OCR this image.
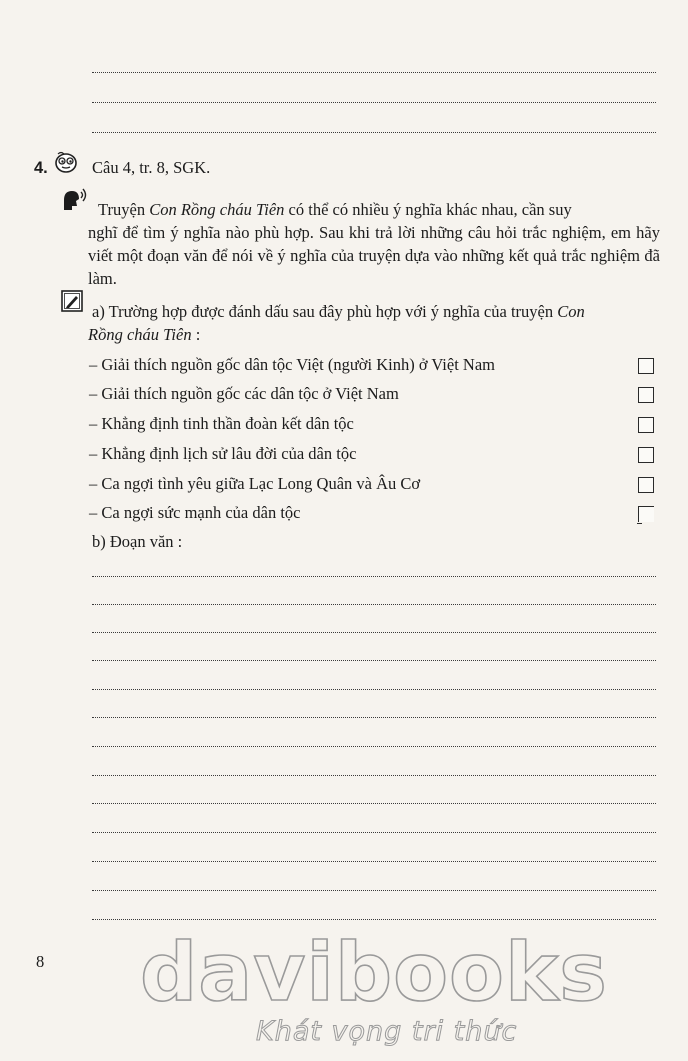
4.	Câu 4, tr. 8, SGK.
Truyện Con Rồng cháu Tiên có thể có nhiều ý nghĩa khác nhau, cần suy
nghĩ để tìm ý nghĩa nào phù hợp. Sau khi trả lời những câu hỏi trắc nghiệm, em hãy viết một đoạn văn để nói về ý nghĩa của truyện dựa vào những kết quả trắc nghiệm đã làm.
a) Trường hợp được đánh dấu sau đây phù hợp với ý nghĩa của truyện Con
Rồng cháu Tiên :
– Giải thích nguồn gốc dân tộc Việt (người Kinh) ở Việt Nam
– Giải thích nguồn gốc các dân tộc ở Việt Nam
– Khẳng định tinh thần đoàn kết dân tộc
– Khẳng định lịch sử lâu đời của dân tộc
– Ca ngợi tình yêu giữa Lạc Long Quân và Âu Cơ
– Ca ngợi sức mạnh của dân tộc
b) Đoạn văn :
8 davibooks
Khát vọng tri thức
